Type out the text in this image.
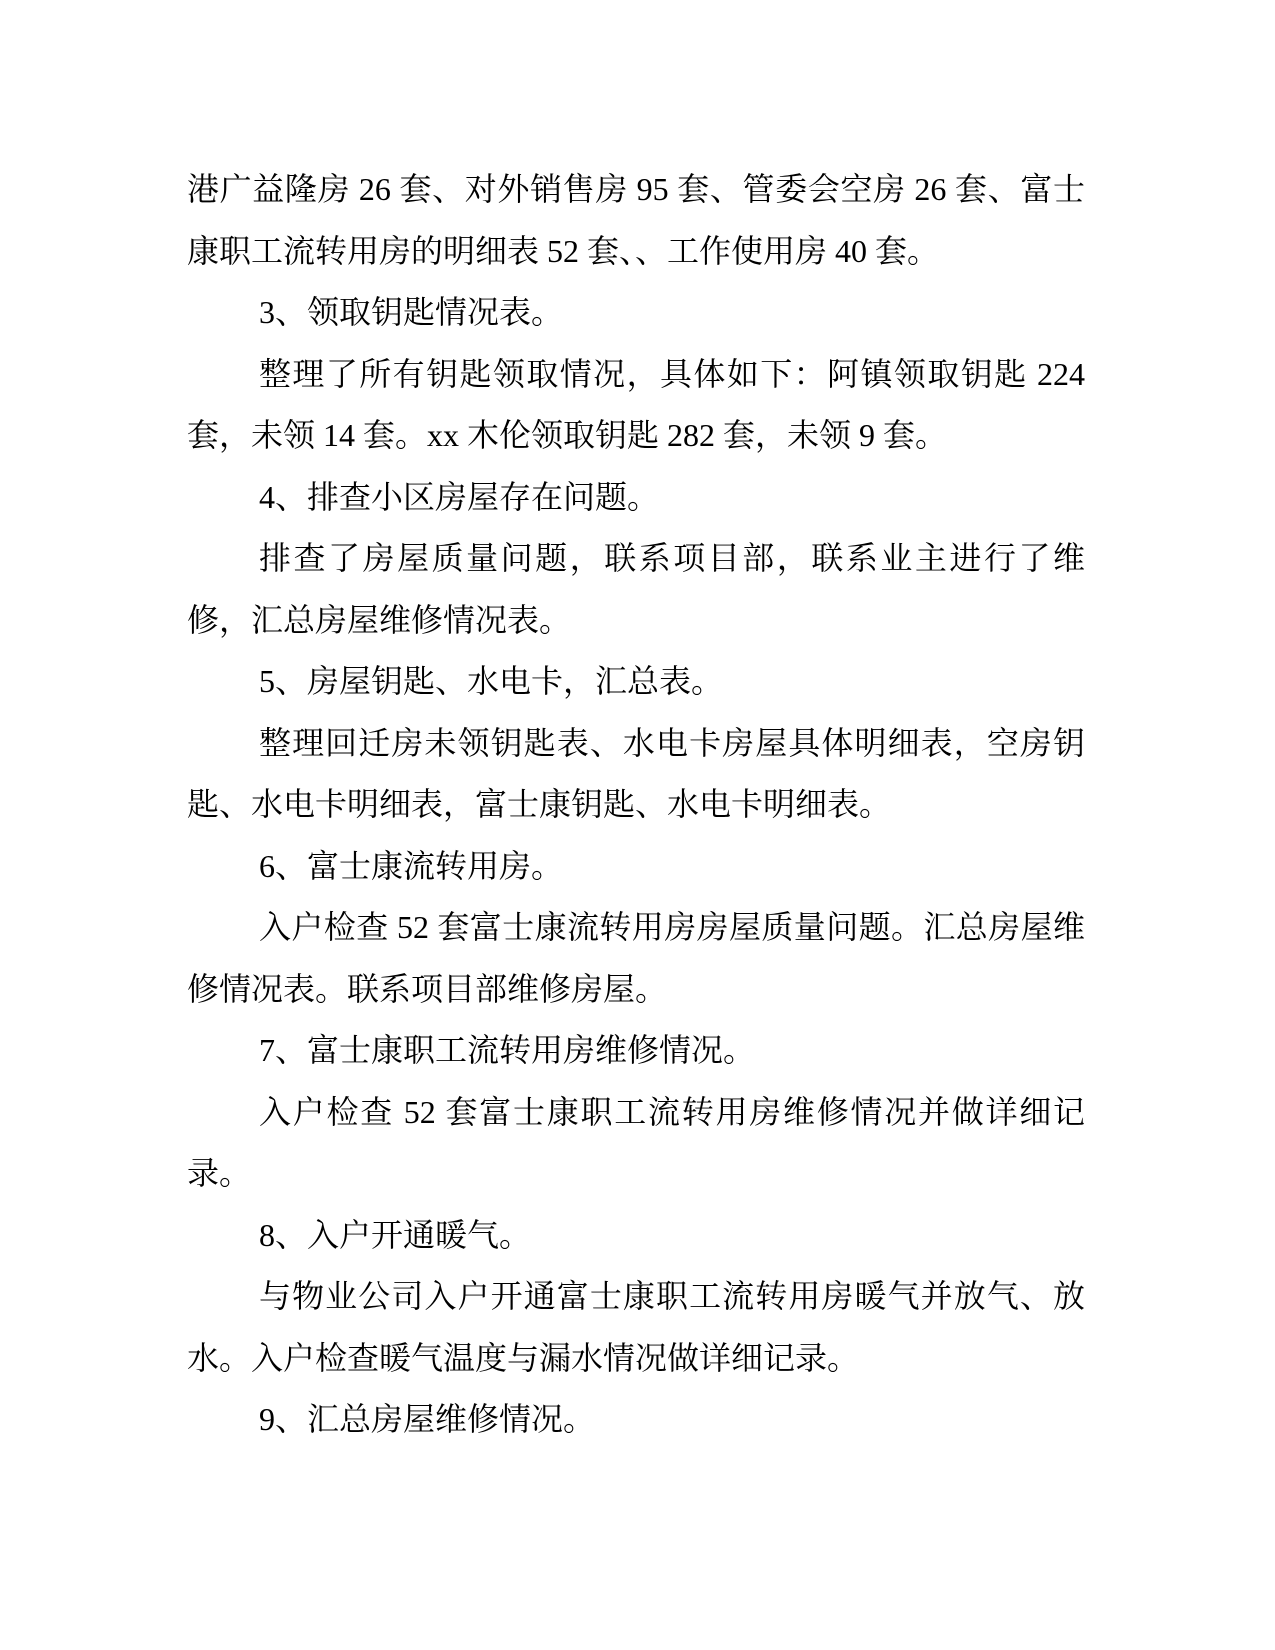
港广益隆房 26 套、对外销售房 95 套、管委会空房 26 套、富士康职工流转用房的明细表 52 套、、工作使用房 40 套。

3、领取钥匙情况表。

整理了所有钥匙领取情况，具体如下：阿镇领取钥匙 224 套，未领 14 套。xx 木伦领取钥匙 282 套，未领 9 套。

4、排查小区房屋存在问题。

排查了房屋质量问题，联系项目部，联系业主进行了维修，汇总房屋维修情况表。

5、房屋钥匙、水电卡，汇总表。

整理回迁房未领钥匙表、水电卡房屋具体明细表，空房钥匙、水电卡明细表，富士康钥匙、水电卡明细表。

6、富士康流转用房。

入户检查 52 套富士康流转用房房屋质量问题。汇总房屋维修情况表。联系项目部维修房屋。

7、富士康职工流转用房维修情况。

入户检查 52 套富士康职工流转用房维修情况并做详细记录。

8、入户开通暖气。

与物业公司入户开通富士康职工流转用房暖气并放气、放水。入户检查暖气温度与漏水情况做详细记录。

9、汇总房屋维修情况。
